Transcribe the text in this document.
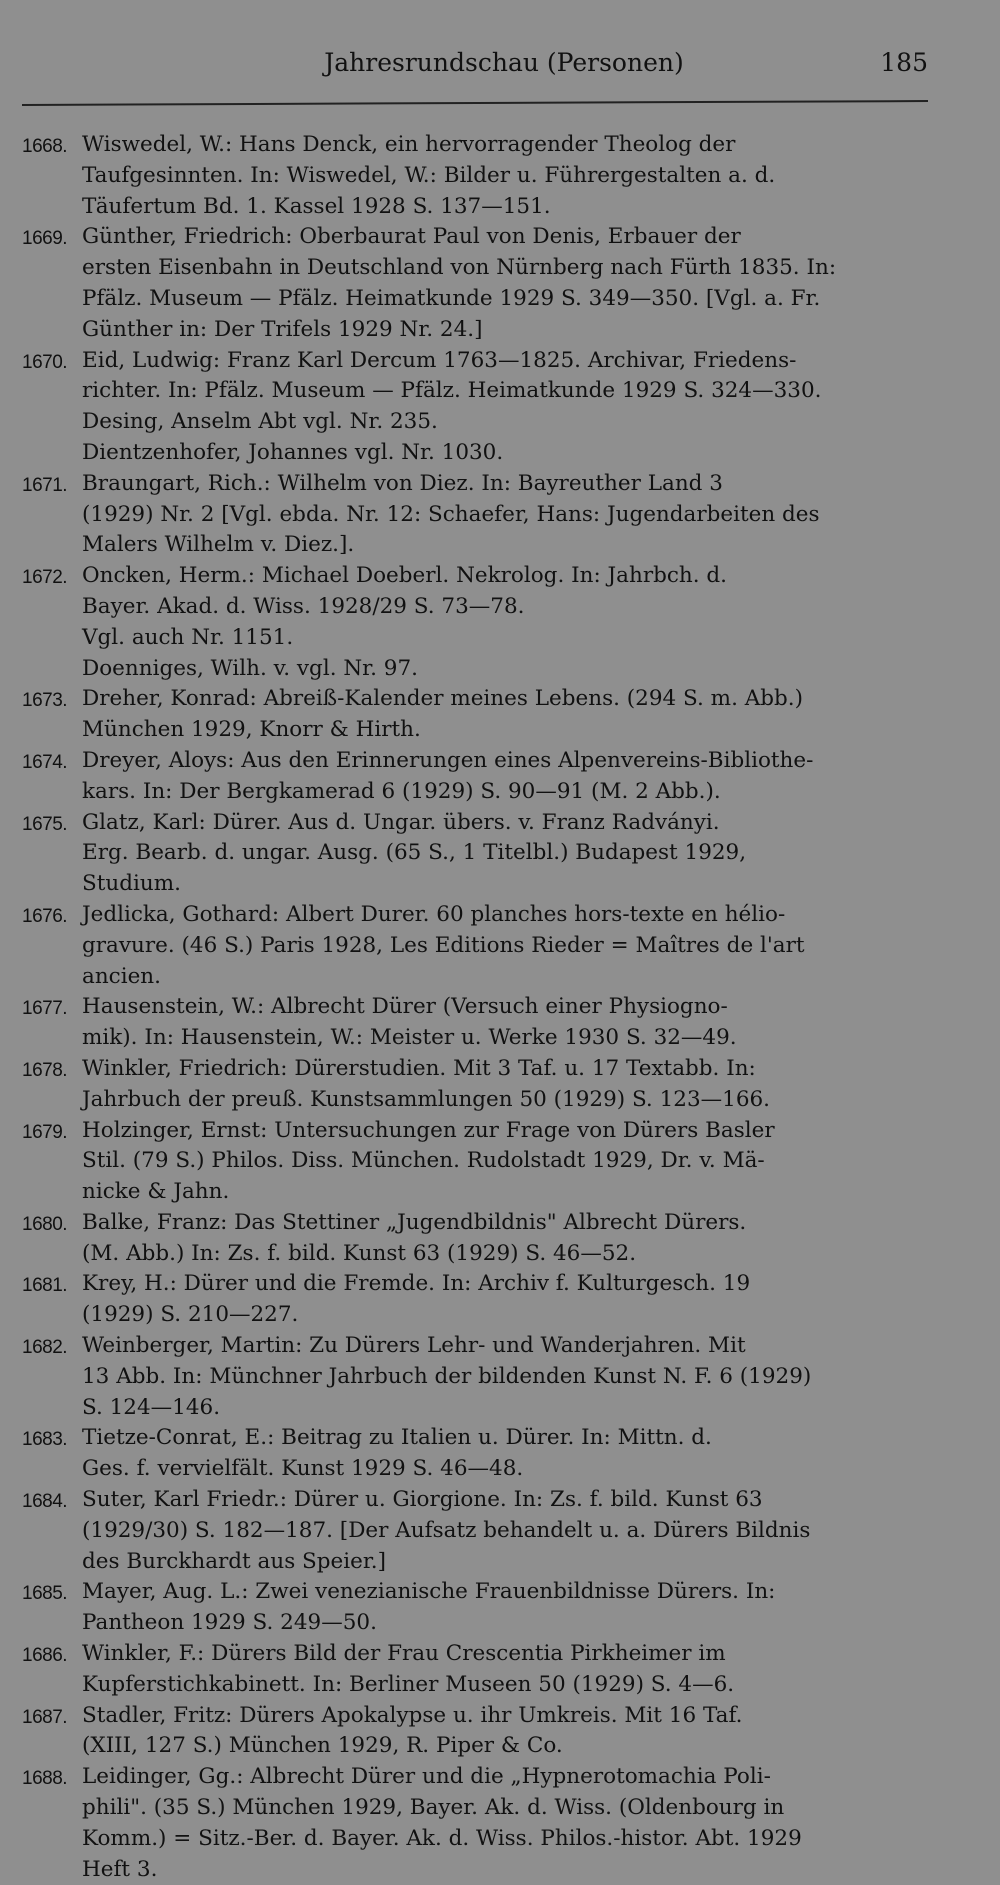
Jahresrundschau (Personen)	185
1668. Wiswedel, W.: Hans Denck, ein hervorragender Theolog der
Taufgesinnten. In: Wiswedel, W.: Bilder u. Führergestalten a. d.
Täufertum Bd. 1. Kassel 1928 S. 137—151.
1669. Günther, Friedrich: Oberbaurat Paul von Denis, Erbauer der
ersten Eisenbahn in Deutschland von Nürnberg nach Fürth 1835. In:
Pfälz. Museum — Pfälz. Heimatkunde 1929 S. 349—350. [Vgl. a. Fr.
Günther in: Der Trifels 1929 Nr. 24.]
1670. Eid, Ludwig: Franz Karl Dercum 1763—1825. Archivar, Friedens-
richter. In: Pfälz. Museum — Pfälz. Heimatkunde 1929 S. 324—330.
Desing, Anselm Abt vgl. Nr. 235.
Dientzenhofer, Johannes vgl. Nr. 1030.
1671. Braungart, Rich.: Wilhelm von Diez. In: Bayreuther Land 3
(1929) Nr. 2 [Vgl. ebda. Nr. 12: Schaefer, Hans: Jugendarbeiten des
Malers Wilhelm v. Diez.].
1672. Oncken, Herm.: Michael Doeberl. Nekrolog. In: Jahrbch. d.
Bayer. Akad. d. Wiss. 1928/29 S. 73—78.
Vgl. auch Nr. 1151.
Doenniges, Wilh. v. vgl. Nr. 97.
1673. Dreher, Konrad: Abreiß-Kalender meines Lebens. (294 S. m. Abb.)
München 1929, Knorr & Hirth.
1674. Dreyer, Aloys: Aus den Erinnerungen eines Alpenvereins-Bibliothe-
kars. In: Der Bergkamerad 6 (1929) S. 90—91 (M. 2 Abb.).
1675. Glatz, Karl: Dürer. Aus d. Ungar. übers. v. Franz Radványi.
Erg. Bearb. d. ungar. Ausg. (65 S., 1 Titelbl.) Budapest 1929,
Studium.
1676. Jedlicka, Gothard: Albert Durer. 60 planches hors-texte en hélio-
gravure. (46 S.) Paris 1928, Les Editions Rieder = Maîtres de l'art
ancien.
1677. Hausenstein, W.: Albrecht Dürer (Versuch einer Physiogno-
mik). In: Hausenstein, W.: Meister u. Werke 1930 S. 32—49.
1678. Winkler, Friedrich: Dürerstudien. Mit 3 Taf. u. 17 Textabb. In:
Jahrbuch der preuß. Kunstsammlungen 50 (1929) S. 123—166.
1679. Holzinger, Ernst: Untersuchungen zur Frage von Dürers Basler
Stil. (79 S.) Philos. Diss. München. Rudolstadt 1929, Dr. v. Mä-
nicke & Jahn.
1680. Balke, Franz: Das Stettiner „Jugendbildnis" Albrecht Dürers.
(M. Abb.) In: Zs. f. bild. Kunst 63 (1929) S. 46—52.
1681. Krey, H.: Dürer und die Fremde. In: Archiv f. Kulturgesch. 19
(1929) S. 210—227.
1682. Weinberger, Martin: Zu Dürers Lehr- und Wanderjahren. Mit
13 Abb. In: Münchner Jahrbuch der bildenden Kunst N. F. 6 (1929)
S. 124—146.
1683. Tietze-Conrat, E.: Beitrag zu Italien u. Dürer. In: Mittn. d.
Ges. f. vervielfält. Kunst 1929 S. 46—48.
1684. Suter, Karl Friedr.: Dürer u. Giorgione. In: Zs. f. bild. Kunst 63
(1929/30) S. 182—187. [Der Aufsatz behandelt u. a. Dürers Bildnis
des Burckhardt aus Speier.]
1685. Mayer, Aug. L.: Zwei venezianische Frauenbildnisse Dürers. In:
Pantheon 1929 S. 249—50.
1686. Winkler, F.: Dürers Bild der Frau Crescentia Pirkheimer im
Kupferstichkabinett. In: Berliner Museen 50 (1929) S. 4—6.
1687. Stadler, Fritz: Dürers Apokalypse u. ihr Umkreis. Mit 16 Taf.
(XIII, 127 S.) München 1929, R. Piper & Co.
1688. Leidinger, Gg.: Albrecht Dürer und die „Hypnerotomachia Poli-
phili". (35 S.) München 1929, Bayer. Ak. d. Wiss. (Oldenbourg in
Komm.) = Sitz.-Ber. d. Bayer. Ak. d. Wiss. Philos.-histor. Abt. 1929
Heft 3.
